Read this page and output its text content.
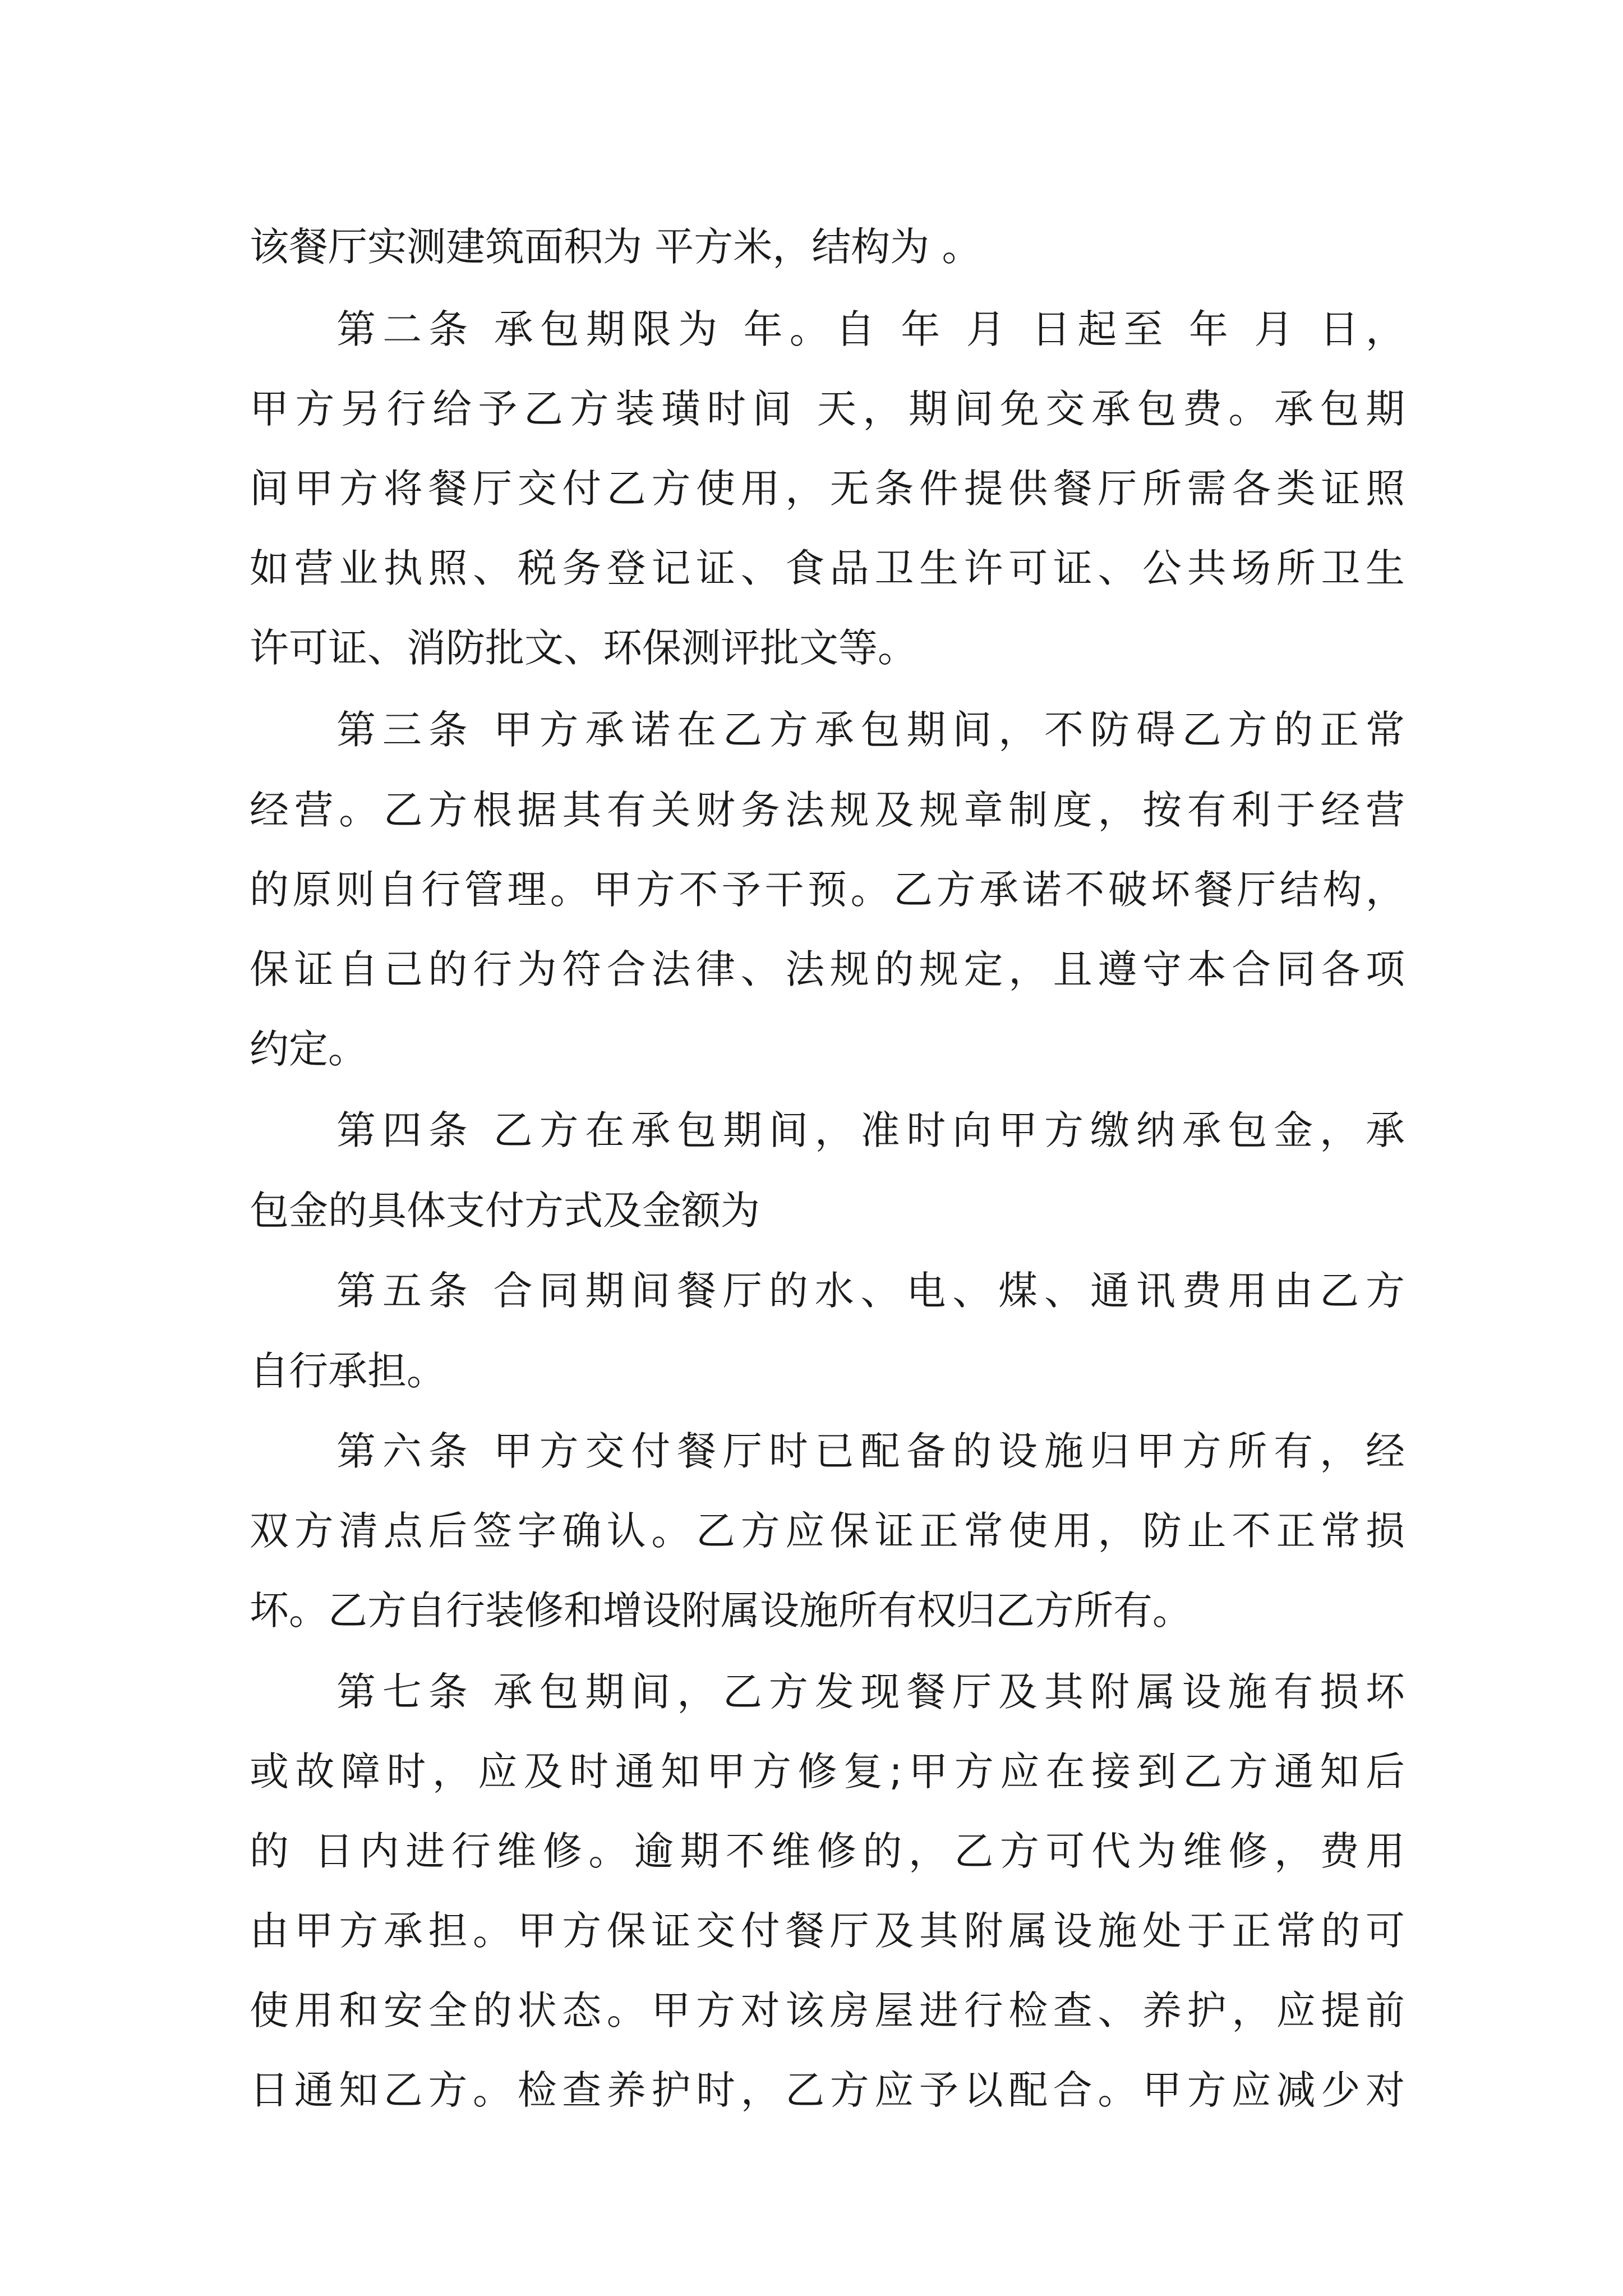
该餐厅实测建筑面积为 平方米，结构为 。
第二条 承包期限为 年。自 年 月 日起至 年 月 日，
甲方另行给予乙方装璜时间 天，期间免交承包费。承包期
间甲方将餐厅交付乙方使用，无条件提供餐厅所需各类证照
如营业执照、税务登记证、食品卫生许可证、公共场所卫生
许可证、消防批文、环保测评批文等。
第三条 甲方承诺在乙方承包期间，不防碍乙方的正常
经营。乙方根据其有关财务法规及规章制度，按有利于经营
的原则自行管理。甲方不予干预。乙方承诺不破坏餐厅结构，
保证自己的行为符合法律、法规的规定，且遵守本合同各项
约定。
第四条 乙方在承包期间，准时向甲方缴纳承包金，承
包金的具体支付方式及金额为
第五条 合同期间餐厅的水、电、煤、通讯费用由乙方
自行承担。
第六条 甲方交付餐厅时已配备的设施归甲方所有，经
双方清点后签字确认。乙方应保证正常使用，防止不正常损
坏。乙方自行装修和增设附属设施所有权归乙方所有。
第七条 承包期间，乙方发现餐厅及其附属设施有损坏
或故障时，应及时通知甲方修复;甲方应在接到乙方通知后
的 日内进行维修。逾期不维修的，乙方可代为维修，费用
由甲方承担。甲方保证交付餐厅及其附属设施处于正常的可
使用和安全的状态。甲方对该房屋进行检查、养护，应提前
日通知乙方。检查养护时，乙方应予以配合。甲方应减少对
